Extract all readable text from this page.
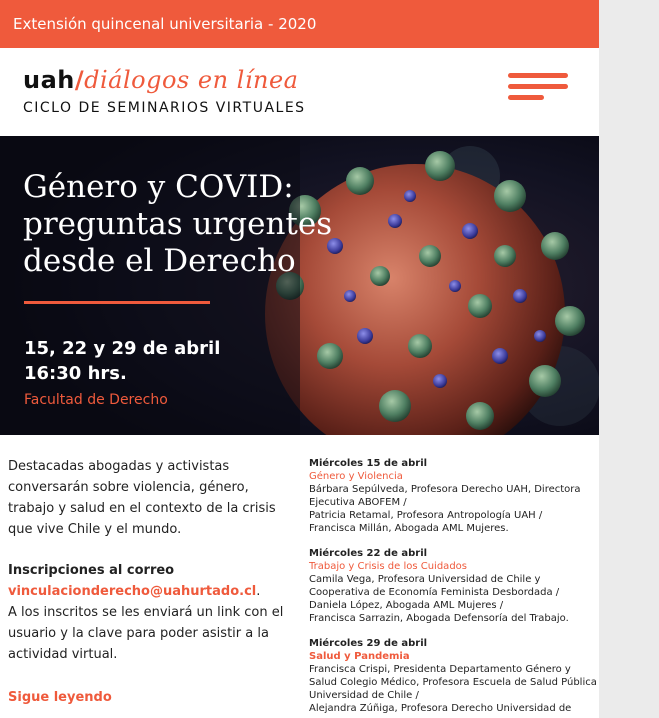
Extensión quincenal universitaria - 2020
uah/diálogos en línea
CICLO DE SEMINARIOS VIRTUALES
Género y COVID:
preguntas urgentes
desde el Derecho
15, 22 y 29 de abril
16:30 hrs.
Facultad de Derecho

Destacadas abogadas y activistas conversarán sobre violencia, género, trabajo y salud en el contexto de la crisis que vive Chile y el mundo.

Inscripciones al correo
vinculacionderecho@uahurtado.cl.
A los inscritos se les enviará un link con el usuario y la clave para poder asistir a la actividad virtual.

Sigue leyendo
Miércoles 15 de abril
Género y Violencia
Bárbara Sepúlveda, Profesora Derecho UAH, Directora Ejecutiva ABOFEM /
Patricia Retamal, Profesora Antropología UAH /
Francisca Millán, Abogada AML Mujeres.
Miércoles 22 de abril
Trabajo y Crisis de los Cuidados
Camila Vega, Profesora Universidad de Chile y Cooperativa de Economía Feminista Desbordada /
Daniela López, Abogada AML Mujeres /
Francisca Sarrazin, Abogada Defensoría del Trabajo.
Miércoles 29 de abril
Salud y Pandemia
Francisca Crispi, Presidenta Departamento Género y Salud Colegio Médico, Profesora Escuela de Salud Pública Universidad de Chile /
Alejandra Zúñiga, Profesora Derecho Universidad de
